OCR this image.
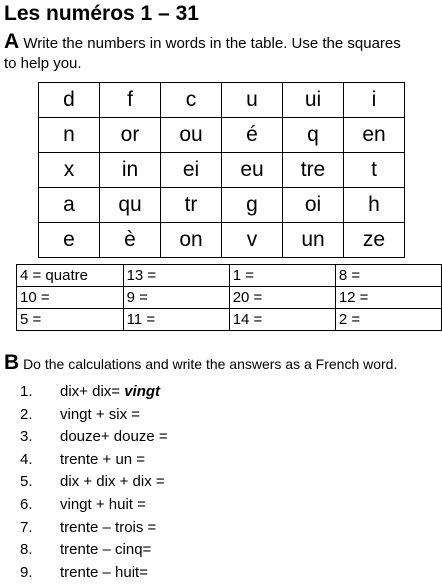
Les numéros 1 – 31
A Write the numbers in words in the table. Use the squares to help you.
d	f	c	u	ui	i
n	or	ou	é	q	en
x	in	ei	eu	tre	t
a	qu	tr	g	oi	h
e	è	on	v	un	ze
4 = quatre	13 =	1 =	8 =
10 =	9 =	20 =	12 =
5 =	11 =	14 =	2 =
B Do the calculations and write the answers as a French word.
1. dix+ dix= vingt
2. vingt + six =
3. douze+ douze =
4. trente + un =
5. dix + dix + dix =
6. vingt + huit =
7. trente – trois =
8. trente – cinq=
9. trente – huit=
